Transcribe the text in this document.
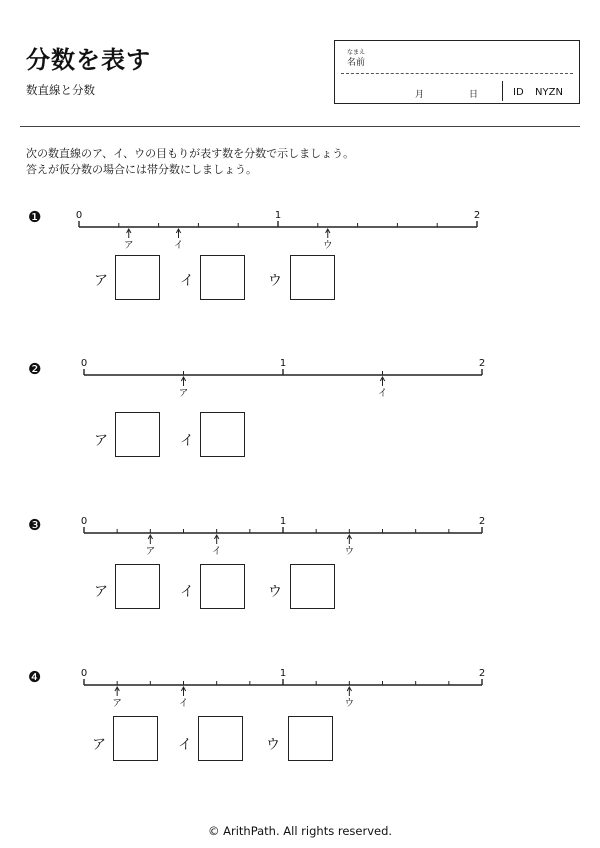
分数を表す
数直線と分数
なまえ
名前
月	日	ID NYZN
次の数直線のア、イ、ウの目もりが表す数を分数で示しましょう。
答えが仮分数の場合には帯分数にしましょう。
❶	0	1	2
ア	イ	ウ
ア	イ	ウ
❷	0	1	2
ア	イ
ア	イ
❸	0	1	2
ア	イ	ウ
ア	イ	ウ
❹	0	1	2
ア	イ	ウ
ア	イ	ウ
© ArithPath. All rights reserved.
